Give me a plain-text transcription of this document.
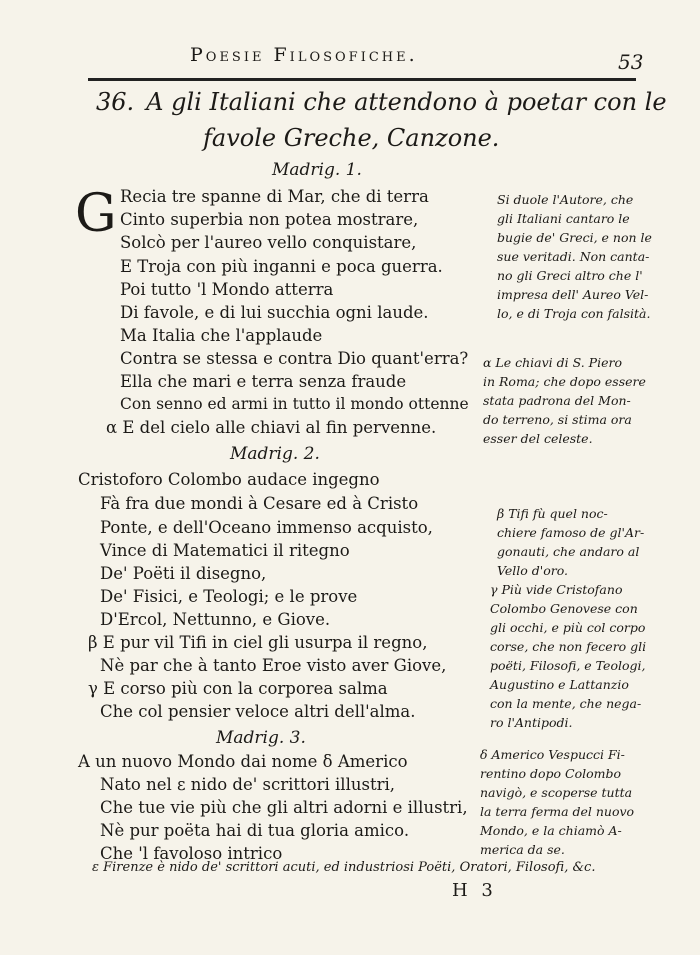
Poesie Filosofiche.	53
36. A gli Italiani che attendono à poetar con le
favole Greche, Canzone.
Madrig. 1.
G Recia tre spanne di Mar, che di terra
Cinto superbia non potea mostrare,
Solcò per l'aureo vello conquistare,
E Troja con più inganni e poca guerra.
Poi tutto 'l Mondo atterra
Di favole, e di lui succhia ogni laude.
Ma Italia che l'applaude
Contra se stessa e contra Dio quant'erra?
Ella che mari e terra senza fraude
Con senno ed armi in tutto il mondo ottenne
α E del cielo alle chiavi al fin pervenne.
Madrig. 2.
Cristoforo Colombo audace ingegno
Fà fra due mondi à Cesare ed à Cristo
Ponte, e dell'Oceano immenso acquisto,
Vince di Matematici il ritegno
De' Poëti il disegno,
De' Fisici, e Teologi; e le prove
D'Ercol, Nettunno, e Giove.
β E pur vil Tifi in ciel gli usurpa il regno,
Nè par che à tanto Eroe visto aver Giove,
γ E corso più con la corporea salma
Che col pensier veloce altri dell'alma.
Madrig. 3.
A un nuovo Mondo dai nome δ Americo
Nato nel ε nido de' scrittori illustri,
Che tue vie più che gli altri adorni e illustri,
Nè pur poëta hai di tua gloria amico.
Che 'l favoloso intrico
Si duole l'Autore, che
gli Italiani cantaro le
bugie de' Greci, e non le
sue veritadi. Non canta-
no gli Greci altro che l'
impresa dell' Aureo Vel-
lo, e di Troja con falsità.
α Le chiavi di S. Piero
in Roma; che dopo essere
stata padrona del Mon-
do terreno, si stima ora
esser del celeste.
β Tifi fù quel noc-
chiere famoso de gl'Ar-
gonauti, che andaro al
Vello d'oro.
γ Più vide Cristofano
Colombo Genovese con
gli occhi, e più col corpo
corse, che non fecero gli
poëti, Filosofi, e Teologi,
Augustino e Lattanzio
con la mente, che nega-
ro l'Antipodi.
δ Americo Vespucci Fi-
rentino dopo Colombo
navigò, e scoperse tutta
la terra ferma del nuovo
Mondo, e la chiamò A-
merica da se.
ε Firenze è nido de' scrittori acuti, ed industriosi Poëti, Oratori, Filosofi, &c.
H 3
